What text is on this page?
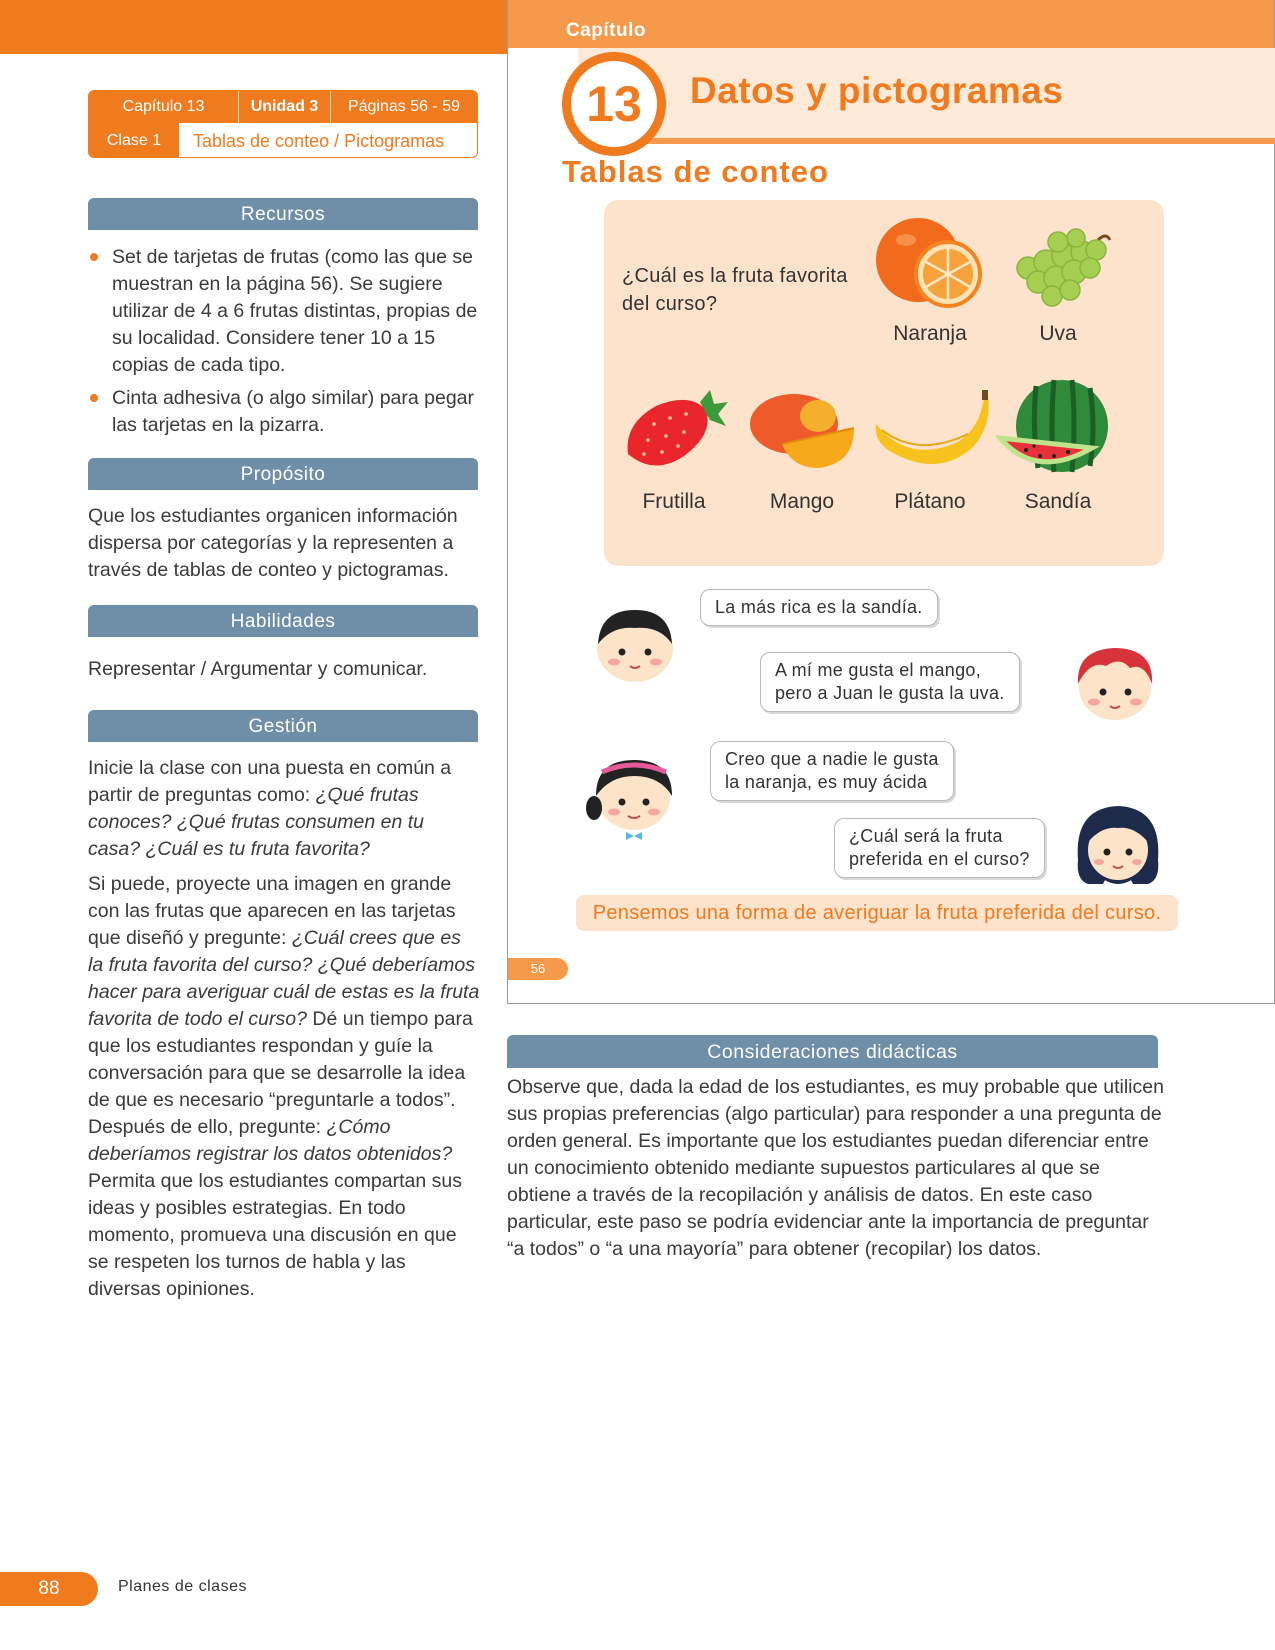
Capítulo 13	Unidad 3	Páginas 56 - 59
Clase 1	Tablas de conteo / Pictogramas
Recursos
Set de tarjetas de frutas (como las que se muestran en la página 56). Se sugiere utilizar de 4 a 6 frutas distintas, propias de su localidad. Considere tener 10 a 15 copias de cada tipo.
Cinta adhesiva (o algo similar) para pegar las tarjetas en la pizarra.
Propósito

Que los estudiantes organicen información dispersa por categorías y la representen a través de tablas de conteo y pictogramas.

Habilidades

Representar / Argumentar y comunicar.

Gestión

Inicie la clase con una puesta en común a partir de preguntas como: ¿Qué frutas conoces? ¿Qué frutas consumen en tu casa? ¿Cuál es tu fruta favorita?

Si puede, proyecte una imagen en grande con las frutas que aparecen en las tarjetas que diseñó y pregunte: ¿Cuál crees que es la fruta favorita del curso? ¿Qué deberíamos hacer para averiguar cuál de estas es la fruta favorita de todo el curso? Dé un tiempo para que los estudiantes respondan y guíe la conversación para que se desarrolle la idea de que es necesario “preguntarle a todos”. Después de ello, pregunte: ¿Cómo deberíamos registrar los datos obtenidos? Permita que los estudiantes compartan sus ideas y posibles estrategias. En todo momento, promueva una discusión en que se respeten los turnos de habla y las diversas opiniones.

Capítulo
13	Datos y pictogramas
Tablas de conteo
¿Cuál es la fruta favorita del curso?
Naranja	Uva
Frutilla	Mango	Plátano	Sandía
La más rica es la sandía.
A mí me gusta el mango,
pero a Juan le gusta la uva.
Creo que a nadie le gusta
la naranja, es muy ácida
¿Cuál será la fruta
preferida en el curso?
Pensemos una forma de averiguar la fruta preferida del curso.
56
Consideraciones didácticas

Observe que, dada la edad de los estudiantes, es muy probable que utilicen sus propias preferencias (algo particular) para responder a una pregunta de orden general. Es importante que los estudiantes puedan diferenciar entre un conocimiento obtenido mediante supuestos particulares al que se obtiene a través de la recopilación y análisis de datos. En este caso particular, este paso se podría evidenciar ante la importancia de preguntar “a todos” o “a una mayoría” para obtener (recopilar) los datos.

88	Planes de clases
